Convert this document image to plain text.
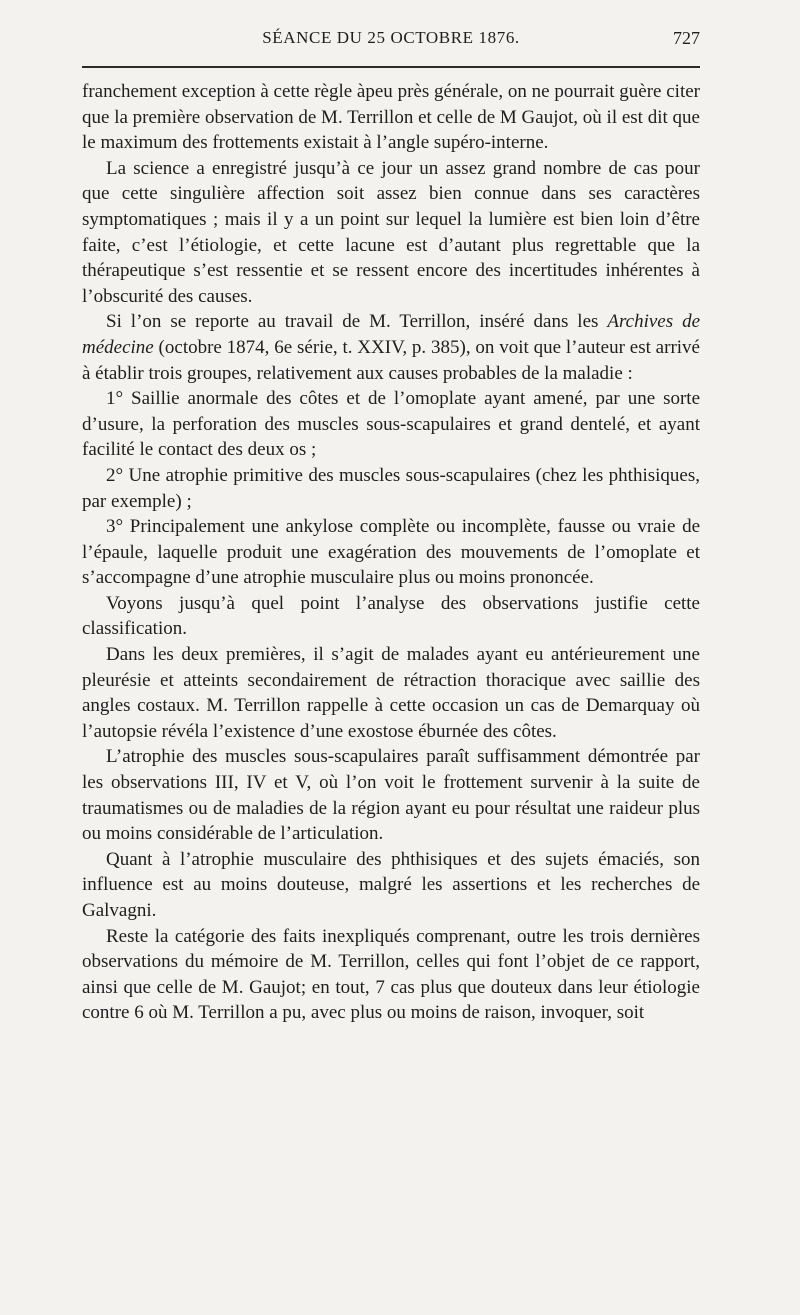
SÉANCE DU 25 OCTOBRE 1876.	727

franchement exception à cette règle àpeu près générale, on ne pourrait guère citer que la première observation de M. Terrillon et celle de M Gaujot, où il est dit que le maximum des frottements existait à l’angle supéro-interne.

La science a enregistré jusqu’à ce jour un assez grand nombre de cas pour que cette singulière affection soit assez bien connue dans ses caractères symptomatiques ; mais il y a un point sur lequel la lumière est bien loin d’être faite, c’est l’étiologie, et cette lacune est d’autant plus regrettable que la thérapeutique s’est ressentie et se ressent encore des incertitudes inhérentes à l’obscurité des causes.

Si l’on se reporte au travail de M. Terrillon, inséré dans les Archives de médecine (octobre 1874, 6e série, t. XXIV, p. 385), on voit que l’auteur est arrivé à établir trois groupes, relativement aux causes probables de la maladie :

1° Saillie anormale des côtes et de l’omoplate ayant amené, par une sorte d’usure, la perforation des muscles sous-scapulaires et grand dentelé, et ayant facilité le contact des deux os ;

2° Une atrophie primitive des muscles sous-scapulaires (chez les phthisiques, par exemple) ;

3° Principalement une ankylose complète ou incomplète, fausse ou vraie de l’épaule, laquelle produit une exagération des mouvements de l’omoplate et s’accompagne d’une atrophie musculaire plus ou moins prononcée.

Voyons jusqu’à quel point l’analyse des observations justifie cette classification.

Dans les deux premières, il s’agit de malades ayant eu antérieurement une pleurésie et atteints secondairement de rétraction thoracique avec saillie des angles costaux. M. Terrillon rappelle à cette occasion un cas de Demarquay où l’autopsie révéla l’existence d’une exostose éburnée des côtes.

L’atrophie des muscles sous-scapulaires paraît suffisamment démontrée par les observations III, IV et V, où l’on voit le frottement survenir à la suite de traumatismes ou de maladies de la région ayant eu pour résultat une raideur plus ou moins considérable de l’articulation.

Quant à l’atrophie musculaire des phthisiques et des sujets émaciés, son influence est au moins douteuse, malgré les assertions et les recherches de Galvagni.

Reste la catégorie des faits inexpliqués comprenant, outre les trois dernières observations du mémoire de M. Terrillon, celles qui font l’objet de ce rapport, ainsi que celle de M. Gaujot; en tout, 7 cas plus que douteux dans leur étiologie contre 6 où M. Terrillon a pu, avec plus ou moins de raison, invoquer, soit
